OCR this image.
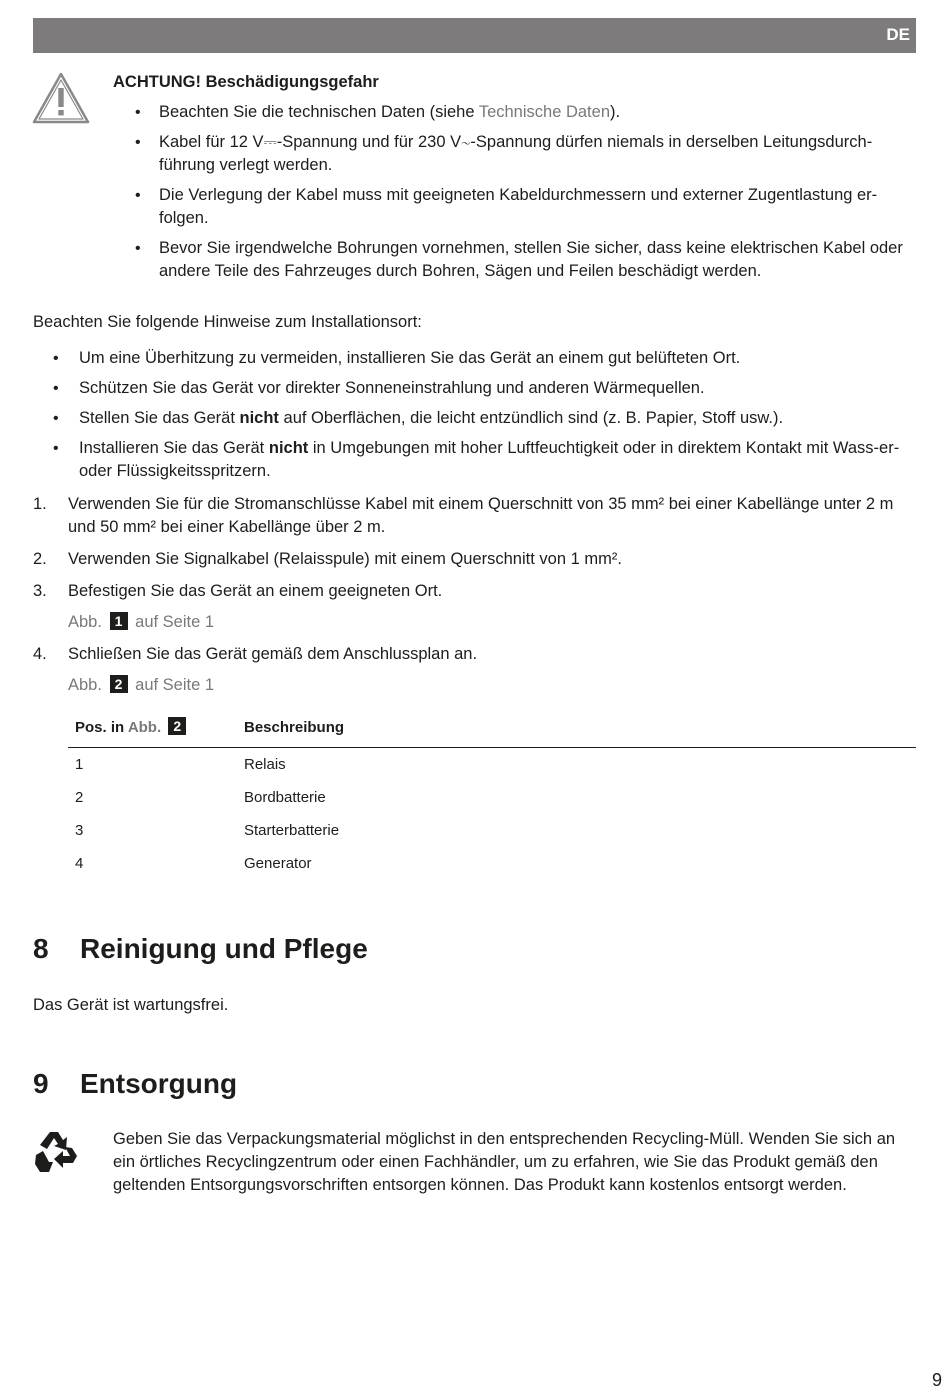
DE

ACHTUNG! Beschädigungsgefahr

• Beachten Sie die technischen Daten (siehe Technische Daten).
• Kabel für 12 V⎓-Spannung und für 230 V∼-Spannung dürfen niemals in derselben Leitungsdurch-führung verlegt werden.
• Die Verlegung der Kabel muss mit geeigneten Kabeldurchmessern und externer Zugentlastung er-folgen.
• Bevor Sie irgendwelche Bohrungen vornehmen, stellen Sie sicher, dass keine elektrischen Kabel oder andere Teile des Fahrzeuges durch Bohren, Sägen und Feilen beschädigt werden.

Beachten Sie folgende Hinweise zum Installationsort:

• Um eine Überhitzung zu vermeiden, installieren Sie das Gerät an einem gut belüfteten Ort.
• Schützen Sie das Gerät vor direkter Sonneneinstrahlung und anderen Wärmequellen.
• Stellen Sie das Gerät nicht auf Oberflächen, die leicht entzündlich sind (z. B. Papier, Stoff usw.).
• Installieren Sie das Gerät nicht in Umgebungen mit hoher Luftfeuchtigkeit oder in direktem Kontakt mit Wass-er- oder Flüssigkeitsspritzern.
1. Verwenden Sie für die Stromanschlüsse Kabel mit einem Querschnitt von 35 mm² bei einer Kabellänge unter 2 m und 50 mm² bei einer Kabellänge über 2 m.
2. Verwenden Sie Signalkabel (Relaisspule) mit einem Querschnitt von 1 mm².
3. Befestigen Sie das Gerät an einem geeigneten Ort.
Abb. 1 auf Seite 1
4. Schließen Sie das Gerät gemäß dem Anschlussplan an.
Abb. 2 auf Seite 1
Pos. in Abb. 2	Beschreibung
1	Relais
2	Bordbatterie
3	Starterbatterie
4	Generator
8 Reinigung und Pflege

Das Gerät ist wartungsfrei.

9 Entsorgung

Geben Sie das Verpackungsmaterial möglichst in den entsprechenden Recycling-Müll. Wenden Sie sich an ein örtliches Recyclingzentrum oder einen Fachhändler, um zu erfahren, wie Sie das Produkt gemäß den geltenden Entsorgungsvorschriften entsorgen können. Das Produkt kann kostenlos entsorgt werden.

9
